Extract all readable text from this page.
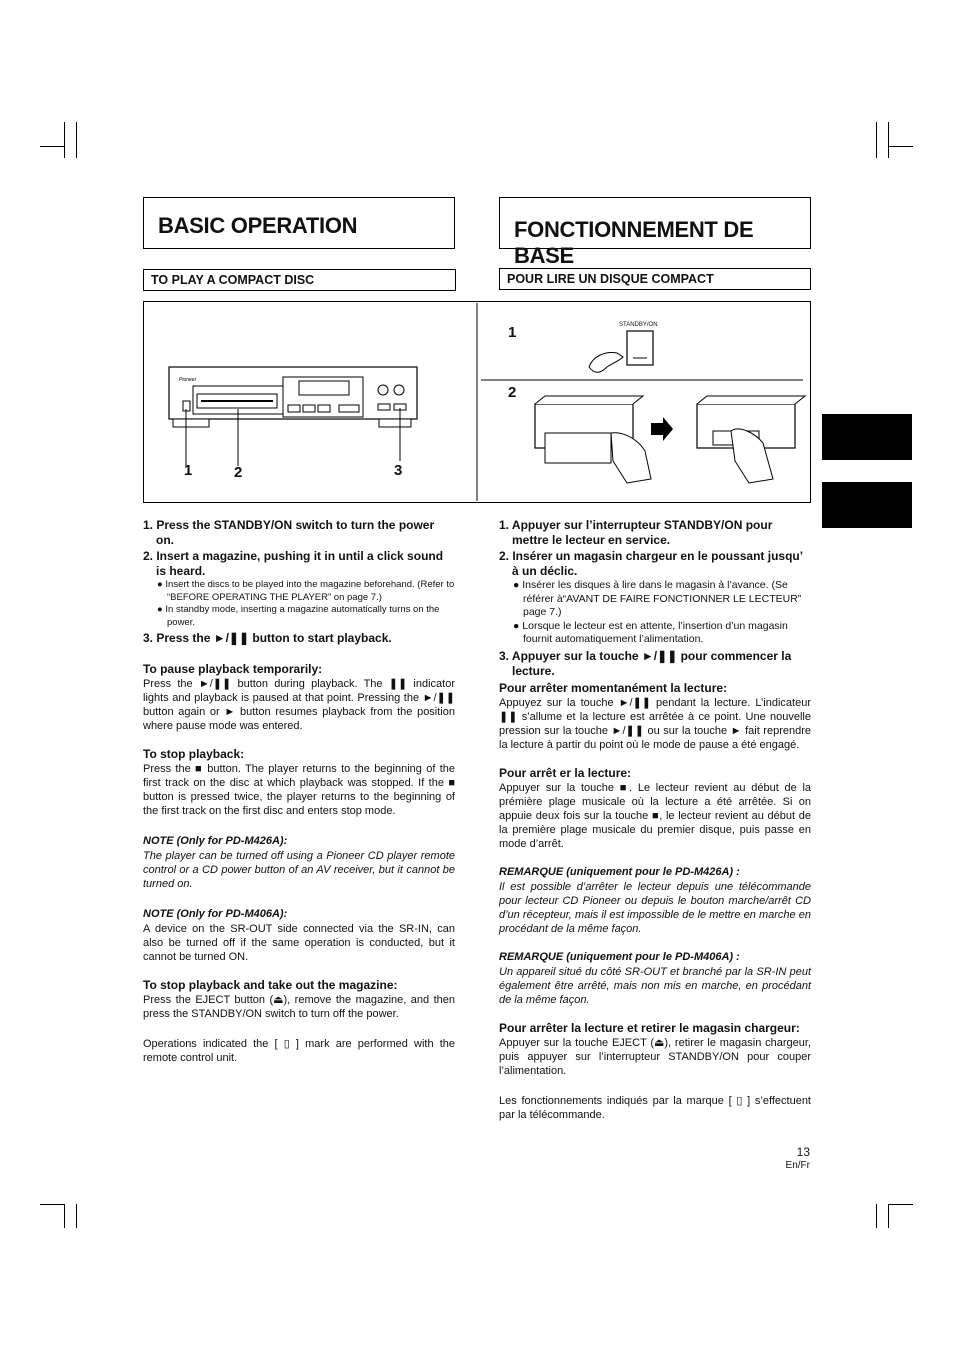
BASIC OPERATION	FONCTIONNEMENT DE BASE
TO PLAY A COMPACT DISC	POUR LIRE UN DISQUE COMPACT
Pioneer
1	2	3
1
2
STANDBY/ON

1. Press the STANDBY/ON switch to turn the power on.

2. Insert a magazine, pushing it in until a click sound is heard.

● Insert the discs to be played into the magazine beforehand. (Refer to “BEFORE OPERATING THE PLAYER” on page 7.)

● In standby mode, inserting a magazine automatically turns on the power.

3. Press the ►/❚❚ button to start playback.

To pause playback temporarily:

Press the ►/❚❚ button during playback. The ❚❚ indicator lights and playback is paused at that point. Pressing the ►/❚❚ button again or ► button resumes playback from the position where pause mode was entered.

To stop playback:

Press the ■ button. The player returns to the beginning of the first track on the disc at which playback was stopped. If the ■ button is pressed twice, the player returns to the beginning of the first track on the first disc and enters stop mode.

NOTE (Only for PD-M426A):

The player can be turned off using a Pioneer CD player remote control or a CD power button of an AV receiver, but it cannot be turned on.

NOTE (Only for PD-M406A):

A device on the SR-OUT side connected via the SR-IN, can also be turned off if the same operation is conducted, but it cannot be turned ON.

To stop playback and take out the magazine:

Press the EJECT button (⏏), remove the magazine, and then press the STANDBY/ON switch to turn off the power.

Operations indicated the [ ▯ ] mark are performed with the remote control unit.

1. Appuyer sur l’interrupteur STANDBY/ON pour mettre le lecteur en service.

2. Insérer un magasin chargeur en le poussant jusqu’ à un déclic.

● Insérer les disques à lire dans le magasin à l’avance. (Se référer à“AVANT DE FAIRE FONCTIONNER LE LECTEUR” page 7.)

● Lorsque le lecteur est en attente, l’insertion d’un magasin fournit automatiquement l’alimentation.

3. Appuyer sur la touche ►/❚❚ pour commencer la lecture.

Pour arrêter momentanément la lecture:

Appuyez sur la touche ►/❚❚ pendant la lecture. L’indicateur ❚❚ s’allume et la lecture est arrêtée à ce point. Une nouvelle pression sur la touche ►/❚❚ ou sur la touche ► fait reprendre la lecture à partir du point où le mode de pause a été engagé.

Pour arrêt er la lecture:

Appuyer sur la touche ■. Le lecteur revient au début de la prémière plage musicale où la lecture a été arrêtée. Si on appuie deux fois sur la touche ■, le lecteur revient au début de la première plage musicale du premier disque, puis passe en mode d’arrêt.

REMARQUE (uniquement pour le PD-M426A) :

Il est possible d’arrêter le lecteur depuis une télécommande pour lecteur CD Pioneer ou depuis le bouton marche/arrêt CD d’un récepteur, mais il est impossible de le mettre en marche en procédant de la même façon.

REMARQUE (uniquement pour le PD-M406A) :

Un appareil situé du côté SR-OUT et branché par la SR-IN peut également être arrêté, mais non mis en marche, en procédant de la même façon.

Pour arrêter la lecture et retirer le magasin chargeur:

Appuyer sur la touche EJECT (⏏), retirer le magasin chargeur, puis appuyer sur l’interrupteur STANDBY/ON pour couper l’alimentation.

Les fonctionnements indiqués par la marque [ ▯ ] s’effectuent par la télécommande.

13
En/Fr
